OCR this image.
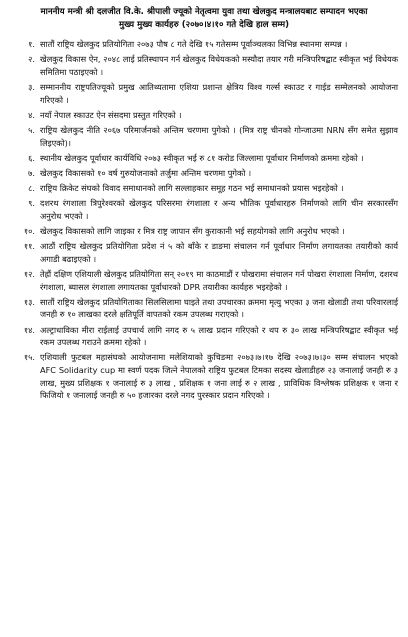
माननीय मन्त्री श्री दलजीत वि.के. श्रीपाली ज्यूको नेतृत्वमा युवा तथा खेलकुद मन्त्रालयबाट सम्पादन भएका
मुख्य मुख्य कार्यहरु (२०७०।४।१० गते देखि हाल सम्म)
१. सातौं राष्ट्रिय खेलकुद प्रतियोगिता २०७३ पौष ८ गते देखि १५ गतेसम्म पूर्वाञ्चलका विभिन्न स्थानमा सम्पन्न ।
२. खेलकुद विकास ऐन, २०४८ लाई प्रतिस्थापन गर्न खेलकुद विधेयकको मस्यौदा तयार गरी मन्त्रिपरिषद्बाट स्वीकृत भई विधेयक समितिमा पठाइएको ।
३. सम्माननीय राष्ट्रपतिज्यूको प्रमुख आतिथ्यतामा एशिया प्रशान्त क्षेत्रिय विश्व गर्ल्स स्काउट र गाईड सम्मेलनको आयोजना गरिएको ।
४. नयाँ नेपाल स्काउट ऐन संसदमा प्रस्तुत गरिएको ।
५. राष्ट्रिय खेलकुद नीति २०६७ परिमार्जनको अन्तिम चरणमा पुगेको । (मित्र राष्ट्र चीनको गोन्जाउमा NRN सँग समेत सुझाव लिइएको)।
६. स्थानीय खेलकुद पूर्वाधार कार्यविधि २०७३ स्वीकृत भई रु ८१ करोड जिल्लामा पूर्वाधार निर्माणको क्रममा रहेको ।
७. खेलकुद विकासको १० वर्ष गुरुयोजनाको तर्जुमा अन्तिम चरणमा पुगेको ।
८. राष्ट्रिय क्रिकेट संघको विवाद समाधानको लागि सल्लाहकार समूह गठन भई समाधानको प्रयास भइरहेको ।
९. दशरथ रंगशाला त्रिपुरेश्वरको खेलकुद परिसरमा रंगशाला र अन्य भौतिक पूर्वाधारहरु निर्माणको लागि चीन सरकारसँग अनुरोध भएको ।
१०. खेलकुद विकासको लागि जाइका र मित्र राष्ट्र जापान सँग कुराकानी भई सहयोगको लागि अनुरोध भएको ।
११. आठौं राष्ट्रिय खेलकुद प्रतियोगिता प्रदेश नं ५ को बाँके र डाङमा संचालन गर्न पूर्वाधार निर्माण लगायतका तयारीको कार्य अगाडी बढाइएको ।
१२. तेह्रौं दक्षिण एशियाली खेलकुद प्रतियोगिता सन् २०१९ मा काठमाडौं र पोखरामा संचालन गर्न पोखरा रंगशाला निर्माण, दशरथ रंगशाला, ब्यासल रंगशाला लगायतका पूर्वाधारको DPR तयारीका कार्यहरु भइरहेको ।
१३. सातौं राष्ट्रिय खेलकुद प्रतियोगिताका सिलसिलामा घाइते तथा उपचारका क्रममा मृत्यु भएका ३ जना खेलाडी तथा परिवारलाई जनही रु १० लाखका दरले क्षतिपूर्ति वापतको रकम उपलब्ध गराएको ।
१४. अल्ट्राधाविका मीरा राईलाई उपचार्थ लागि नगद रु ५ लाख प्रदान गरिएको र थप रु ३० लाख मन्त्रिपरिषद्बाट स्वीकृत भई रकम उपलब्ध गराउने क्रममा रहेको ।
१५. एशियाली फुटबल महासंघको आयोजनामा मलेशियाको कुचिङमा २०७३।७।१७ देखि २०७३।७।३० सम्म संचालन भएको AFC Solidarity cup मा स्वर्ण पदक जित्ने नेपालको राष्ट्रिय फुटबल टिमका सदस्य खेलाडीहरु २३ जनालाई जनही रु ३ लाख, मुख्य प्रशिक्षक १ जनालाई रु ३ लाख , प्रशिक्षक १ जना लाई रु २ लाख , प्राविधिक विश्लेषक प्रशिक्षक १ जना र फिजियो १ जनालाई जनही रु ५० हजारका दरले नगद पुरस्कार प्रदान गरिएको ।
